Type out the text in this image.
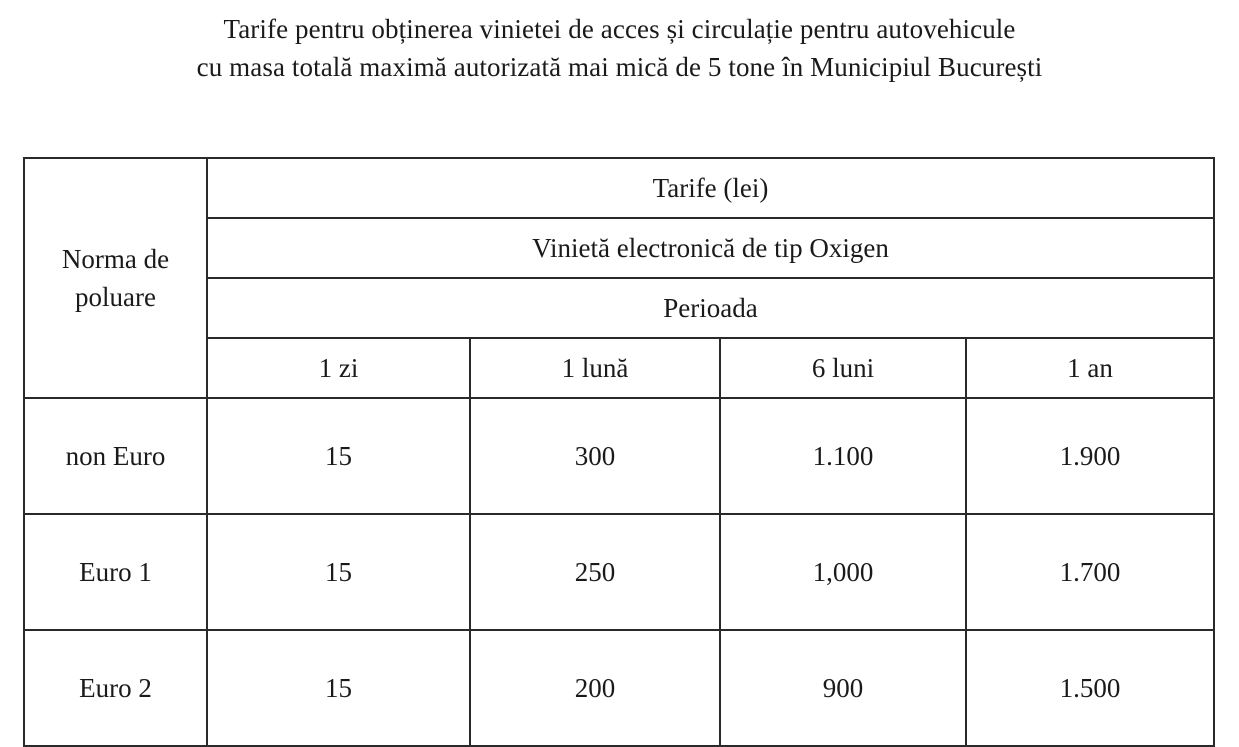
Tarife pentru obținerea vinietei de acces și circulație pentru autovehicule
cu masa totală maximă autorizată mai mică de 5 tone în Municipiul București
Norma de
poluare	Tarife (lei)			
	Vinietă electronică de tip Oxigen			
	Perioada			
	1 zi	1 lună	6 luni	1 an
non Euro	15	300	1.100	1.900
Euro 1	15	250	1,000	1.700
Euro 2	15	200	900	1.500
